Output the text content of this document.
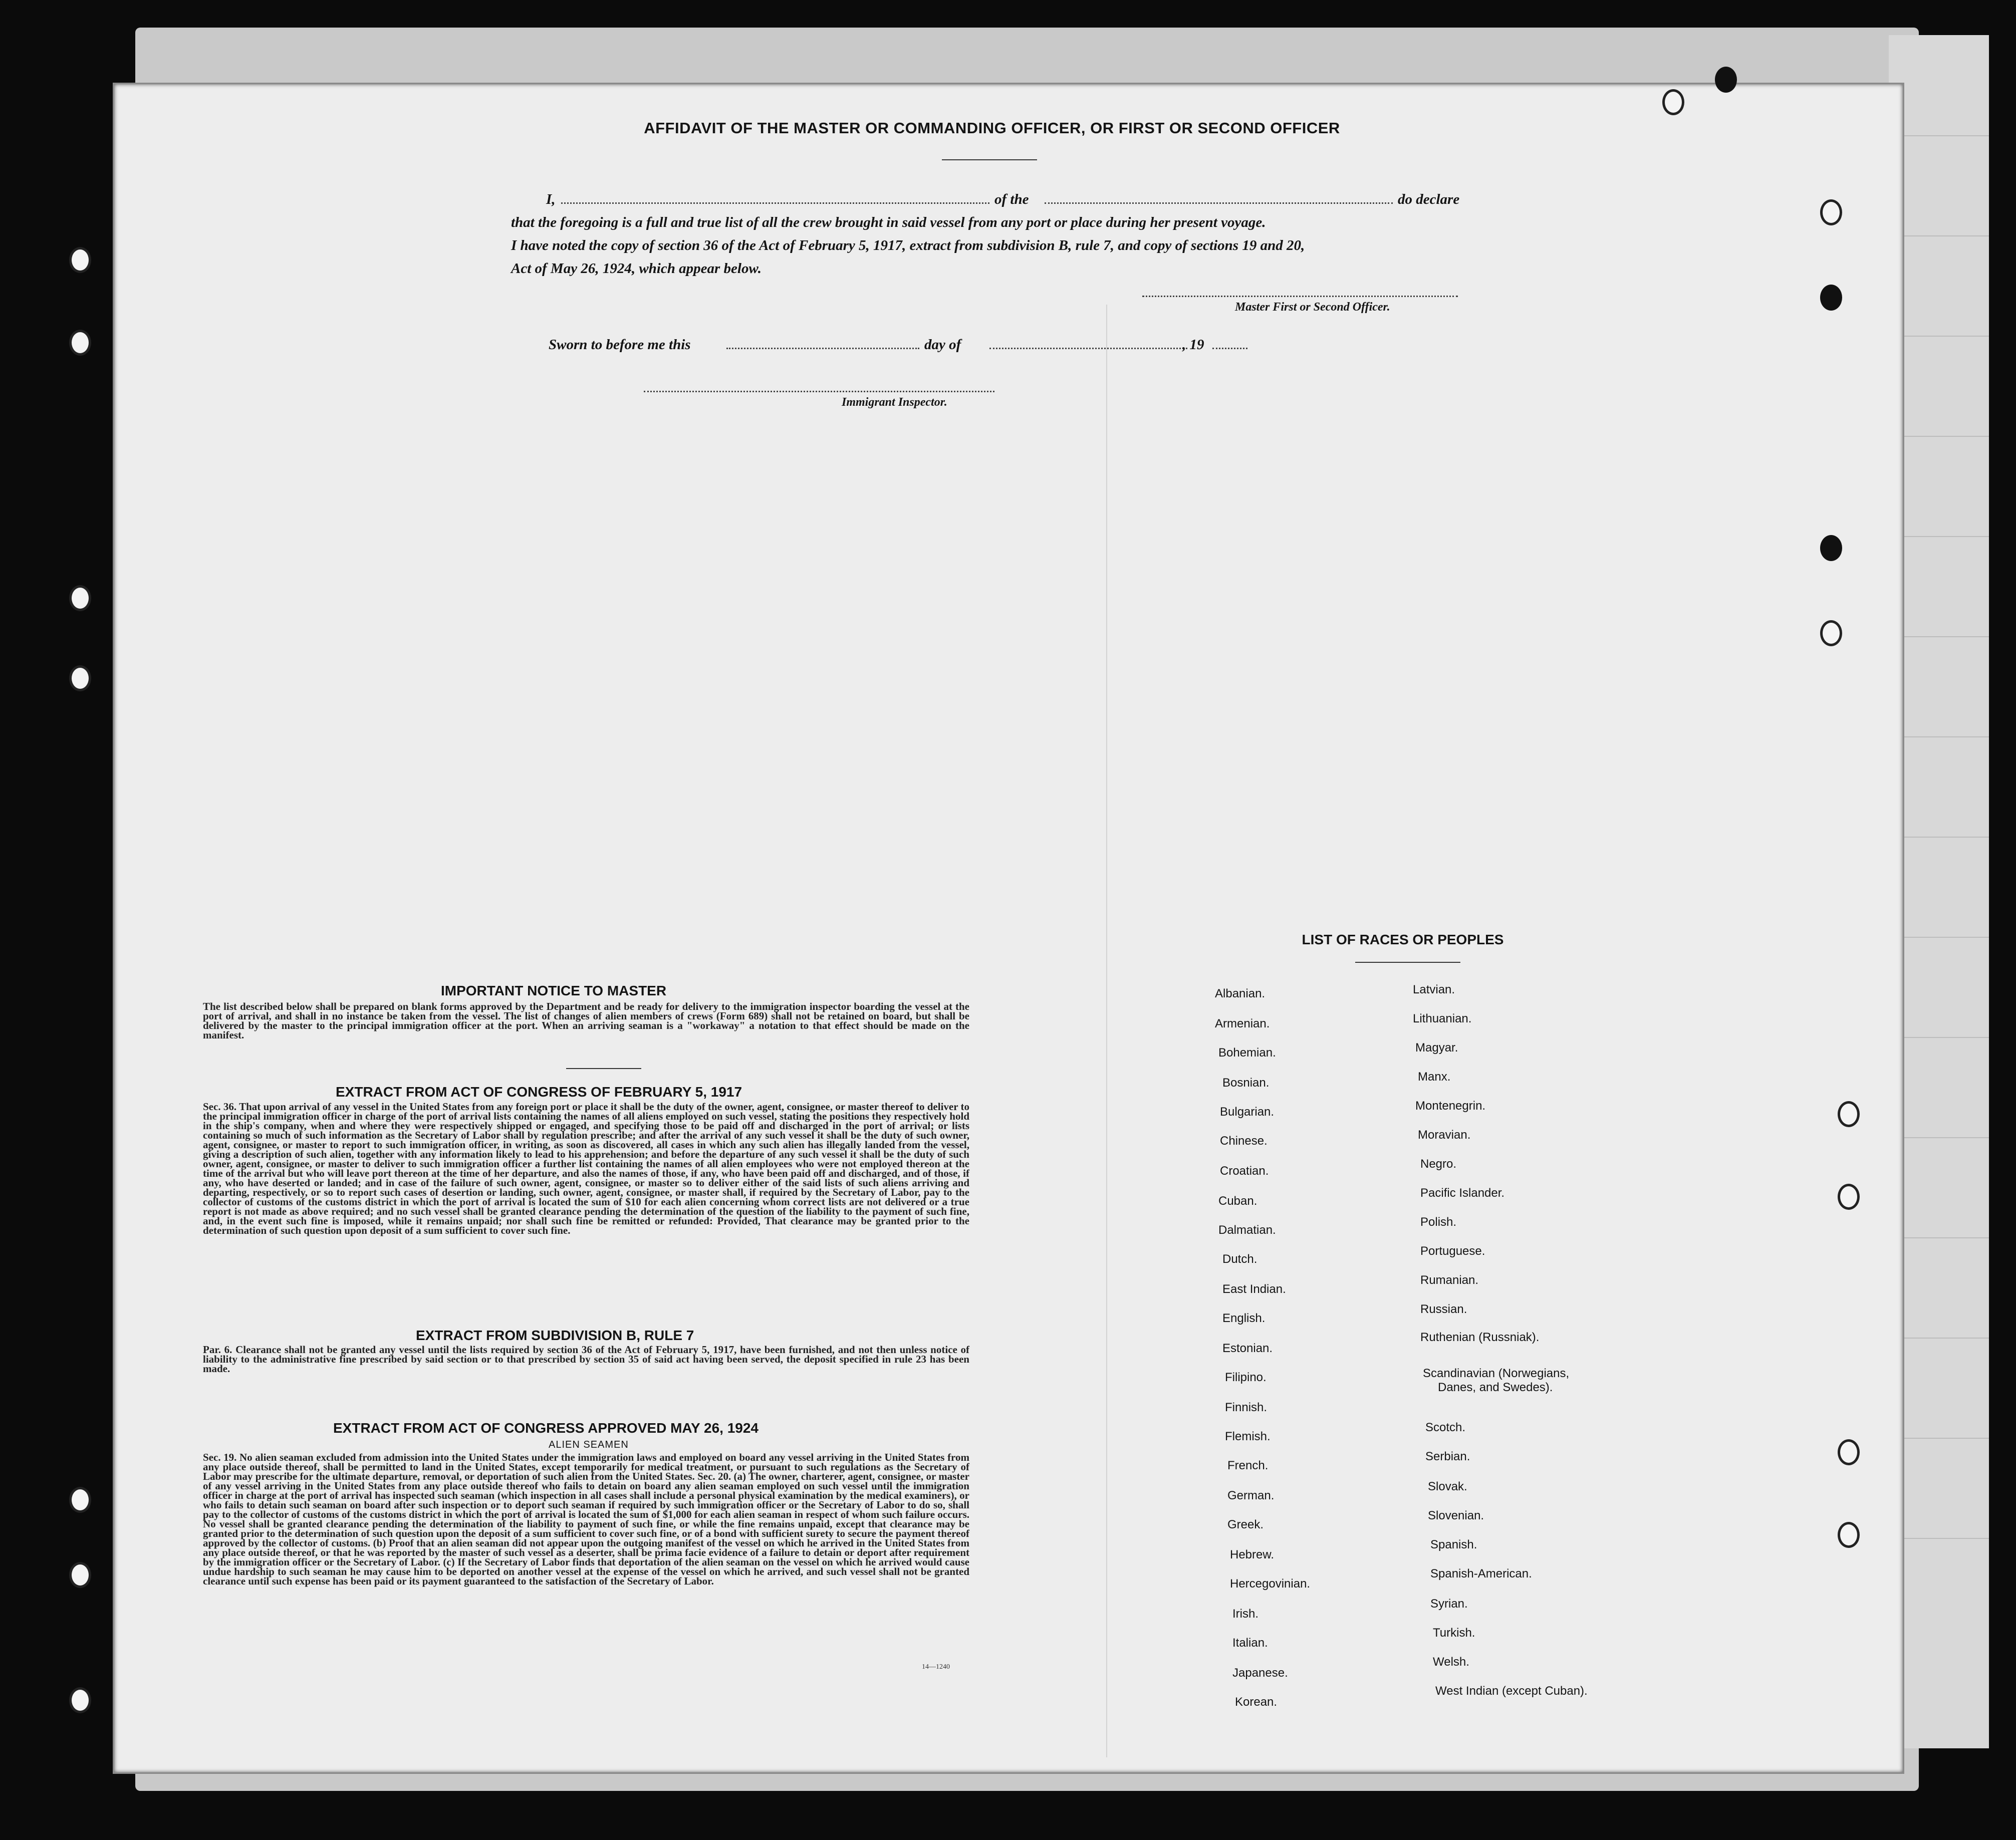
AFFIDAVIT OF THE MASTER OR COMMANDING OFFICER, OR FIRST OR SECOND OFFICER
I,	of the	do declare
that the foregoing is a full and true list of all the crew brought in said vessel from any port or place during her present voyage.
I have noted the copy of section 36 of the Act of February 5, 1917, extract from subdivision B, rule 7, and copy of sections 19 and 20,
Act of May 26, 1924, which appear below.
Master First or Second Officer.
Sworn to before me this	day of	, 19
Immigrant Inspector.
IMPORTANT NOTICE TO MASTER
The list described below shall be prepared on blank forms approved by the Department and be ready for delivery to the immigration inspector boarding the vessel at the port of arrival, and shall in no instance be taken from the vessel. The list of changes of alien members of crews (Form 689) shall not be retained on board, but shall be delivered by the master to the principal immigration officer at the port. When an arriving seaman is a "workaway" a notation to that effect should be made on the manifest.
EXTRACT FROM ACT OF CONGRESS OF FEBRUARY 5, 1917
Sec. 36. That upon arrival of any vessel in the United States from any foreign port or place it shall be the duty of the owner, agent, consignee, or master thereof to deliver to the principal immigration officer in charge of the port of arrival lists containing the names of all aliens employed on such vessel, stating the positions they respectively hold in the ship's company, when and where they were respectively shipped or engaged, and specifying those to be paid off and discharged in the port of arrival; or lists containing so much of such information as the Secretary of Labor shall by regulation prescribe; and after the arrival of any such vessel it shall be the duty of such owner, agent, consignee, or master to report to such immigration officer, in writing, as soon as discovered, all cases in which any such alien has illegally landed from the vessel, giving a description of such alien, together with any information likely to lead to his apprehension; and before the departure of any such vessel it shall be the duty of such owner, agent, consignee, or master to deliver to such immigration officer a further list containing the names of all alien employees who were not employed thereon at the time of the arrival but who will leave port thereon at the time of her departure, and also the names of those, if any, who have been paid off and discharged, and of those, if any, who have deserted or landed; and in case of the failure of such owner, agent, consignee, or master so to deliver either of the said lists of such aliens arriving and departing, respectively, or so to report such cases of desertion or landing, such owner, agent, consignee, or master shall, if required by the Secretary of Labor, pay to the collector of customs of the customs district in which the port of arrival is located the sum of $10 for each alien concerning whom correct lists are not delivered or a true report is not made as above required; and no such vessel shall be granted clearance pending the determination of the question of the liability to the payment of such fine, and, in the event such fine is imposed, while it remains unpaid; nor shall such fine be remitted or refunded: Provided, That clearance may be granted prior to the determination of such question upon deposit of a sum sufficient to cover such fine.
EXTRACT FROM SUBDIVISION B, RULE 7
Par. 6. Clearance shall not be granted any vessel until the lists required by section 36 of the Act of February 5, 1917, have been furnished, and not then unless notice of liability to the administrative fine prescribed by said section or to that prescribed by section 35 of said act having been served, the deposit specified in rule 23 has been made.
EXTRACT FROM ACT OF CONGRESS APPROVED MAY 26, 1924
ALIEN SEAMEN
Sec. 19. No alien seaman excluded from admission into the United States under the immigration laws and employed on board any vessel arriving in the United States from any place outside thereof, shall be permitted to land in the United States, except temporarily for medical treatment, or pursuant to such regulations as the Secretary of Labor may prescribe for the ultimate departure, removal, or deportation of such alien from the United States. Sec. 20. (a) The owner, charterer, agent, consignee, or master of any vessel arriving in the United States from any place outside thereof who fails to detain on board any alien seaman employed on such vessel until the immigration officer in charge at the port of arrival has inspected such seaman (which inspection in all cases shall include a personal physical examination by the medical examiners), or who fails to detain such seaman on board after such inspection or to deport such seaman if required by such immigration officer or the Secretary of Labor to do so, shall pay to the collector of customs of the customs district in which the port of arrival is located the sum of $1,000 for each alien seaman in respect of whom such failure occurs. No vessel shall be granted clearance pending the determination of the liability to payment of such fine, or while the fine remains unpaid, except that clearance may be granted prior to the determination of such question upon the deposit of a sum sufficient to cover such fine, or of a bond with sufficient surety to secure the payment thereof approved by the collector of customs. (b) Proof that an alien seaman did not appear upon the outgoing manifest of the vessel on which he arrived in the United States from any place outside thereof, or that he was reported by the master of such vessel as a deserter, shall be prima facie evidence of a failure to detain or deport after requirement by the immigration officer or the Secretary of Labor. (c) If the Secretary of Labor finds that deportation of the alien seaman on the vessel on which he arrived would cause undue hardship to such seaman he may cause him to be deported on another vessel at the expense of the vessel on which he arrived, and such vessel shall not be granted clearance until such expense has been paid or its payment guaranteed to the satisfaction of the Secretary of Labor.
14—1240
LIST OF RACES OR PEOPLES
Albanian.
Armenian.
Bohemian.
Bosnian.
Bulgarian.
Chinese.
Croatian.
Cuban.
Dalmatian.
Dutch.
East Indian.
English.
Estonian.
Filipino.
Finnish.
Flemish.
French.
German.
Greek.
Hebrew.
Hercegovinian.
Irish.
Italian.
Japanese.
Korean.
Latvian.
Lithuanian.
Magyar.
Manx.
Montenegrin.
Moravian.
Negro.
Pacific Islander.
Polish.
Portuguese.
Rumanian.
Russian.
Ruthenian (Russniak).
Scandinavian (Norwegians,
Danes, and Swedes).
Scotch.
Serbian.
Slovak.
Slovenian.
Spanish.
Spanish-American.
Syrian.
Turkish.
Welsh.
West Indian (except Cuban).
